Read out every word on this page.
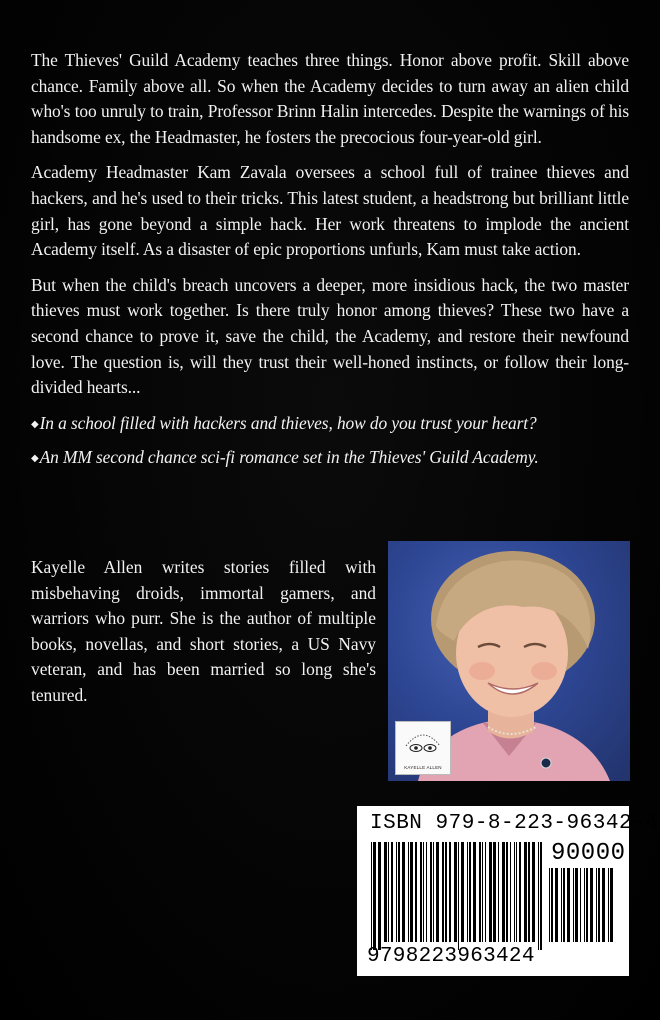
The Thieves' Guild Academy teaches three things. Honor above profit. Skill above chance. Family above all. So when the Academy decides to turn away an alien child who's too unruly to train, Professor Brinn Halin intercedes. Despite the warnings of his handsome ex, the Headmaster, he fosters the precocious four-year-old girl.

Academy Headmaster Kam Zavala oversees a school full of trainee thieves and hackers, and he's used to their tricks. This latest student, a headstrong but brilliant little girl, has gone beyond a simple hack. Her work threatens to implode the ancient Academy itself. As a disaster of epic proportions unfurls, Kam must take action.

But when the child's breach uncovers a deeper, more insidious hack, the two master thieves must work together. Is there truly honor among thieves? These two have a second chance to prove it, save the child, the Academy, and restore their newfound love. The question is, will they trust their well-honed instincts, or follow their long-divided hearts...

◆In a school filled with hackers and thieves, how do you trust your heart?

◆An MM second chance sci-fi romance set in the Thieves' Guild Academy.

Kayelle Allen writes stories filled with misbehaving droids, immortal gamers, and warriors who purr. She is the author of multiple books, novellas, and short stories, a US Navy veteran, and has been married so long she's tenured.

KAYELLE ALLEN
ISBN 979-8-223-96342-4
90000
9798223963424
